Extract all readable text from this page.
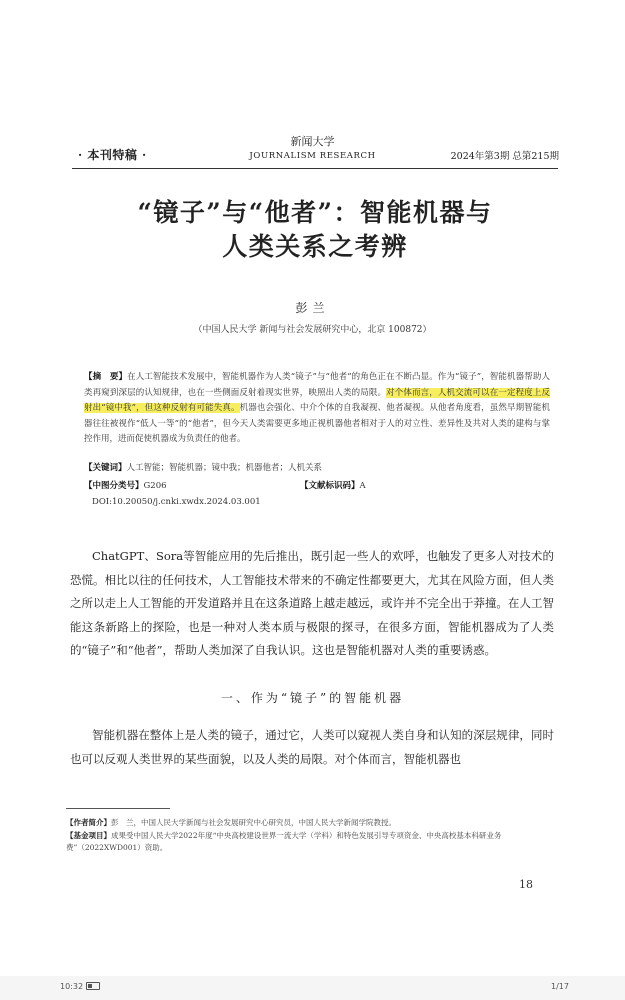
· 本刊特稿 ·
新闻大学
JOURNALISM RESEARCH	2024年第3期 总第215期
“镜子”与“他者”：智能机器与
人类关系之考辨
彭兰
（中国人民大学 新闻与社会发展研究中心，北京 100872）
【摘　要】在人工智能技术发展中，智能机器作为人类“镜子”与“他者”的角色正在不断凸显。作为“镜子”，智能机器帮助人类再窥到深层的认知规律，也在一些侧面反射着现实世界，映照出人类的局限。对个体而言，人机交流可以在一定程度上反射出“镜中我”，但这种反射有可能失真。机器也会强化、中介个体的自我凝视、他者凝视。从他者角度看，虽然早期智能机器往往被视作“低人一等”的“他者”，但今天人类需要更多地正视机器他者相对于人的对立性、差异性及共对人类的建构与掌控作用，进而促使机器成为负责任的他者。
【关键词】人工智能；智能机器；镜中我；机器他者；人机关系
【中图分类号】G206	【文献标识码】A
DOI:10.20050/j.cnki.xwdx.2024.03.001
ChatGPT、Sora等智能应用的先后推出，既引起一些人的欢呼，也触发了更多人对技术的恐慌。相比以往的任何技术，人工智能技术带来的不确定性都要更大，尤其在风险方面，但人类之所以走上人工智能的开发道路并且在这条道路上越走越远，或许并不完全出于莽撞。在人工智能这条新路上的探险，也是一种对人类本质与极限的探寻，在很多方面，智能机器成为了人类的“镜子”和“他者”，帮助人类加深了自我认识。这也是智能机器对人类的重要诱惑。
一、作为“镜子”的智能机器
智能机器在整体上是人类的镜子，通过它，人类可以窥视人类自身和认知的深层规律，同时也可以反观人类世界的某些面貌，以及人类的局限。对个体而言，智能机器也
【作者简介】彭　兰，中国人民大学新闻与社会发展研究中心研究员，中国人民大学新闻学院教授。
【基金项目】成果受中国人民大学2022年度“中央高校建设世界一流大学（学科）和特色发展引导专项资金、中央高校基本科研业务费”（2022XWD001）资助。
18
10:32	1/17
